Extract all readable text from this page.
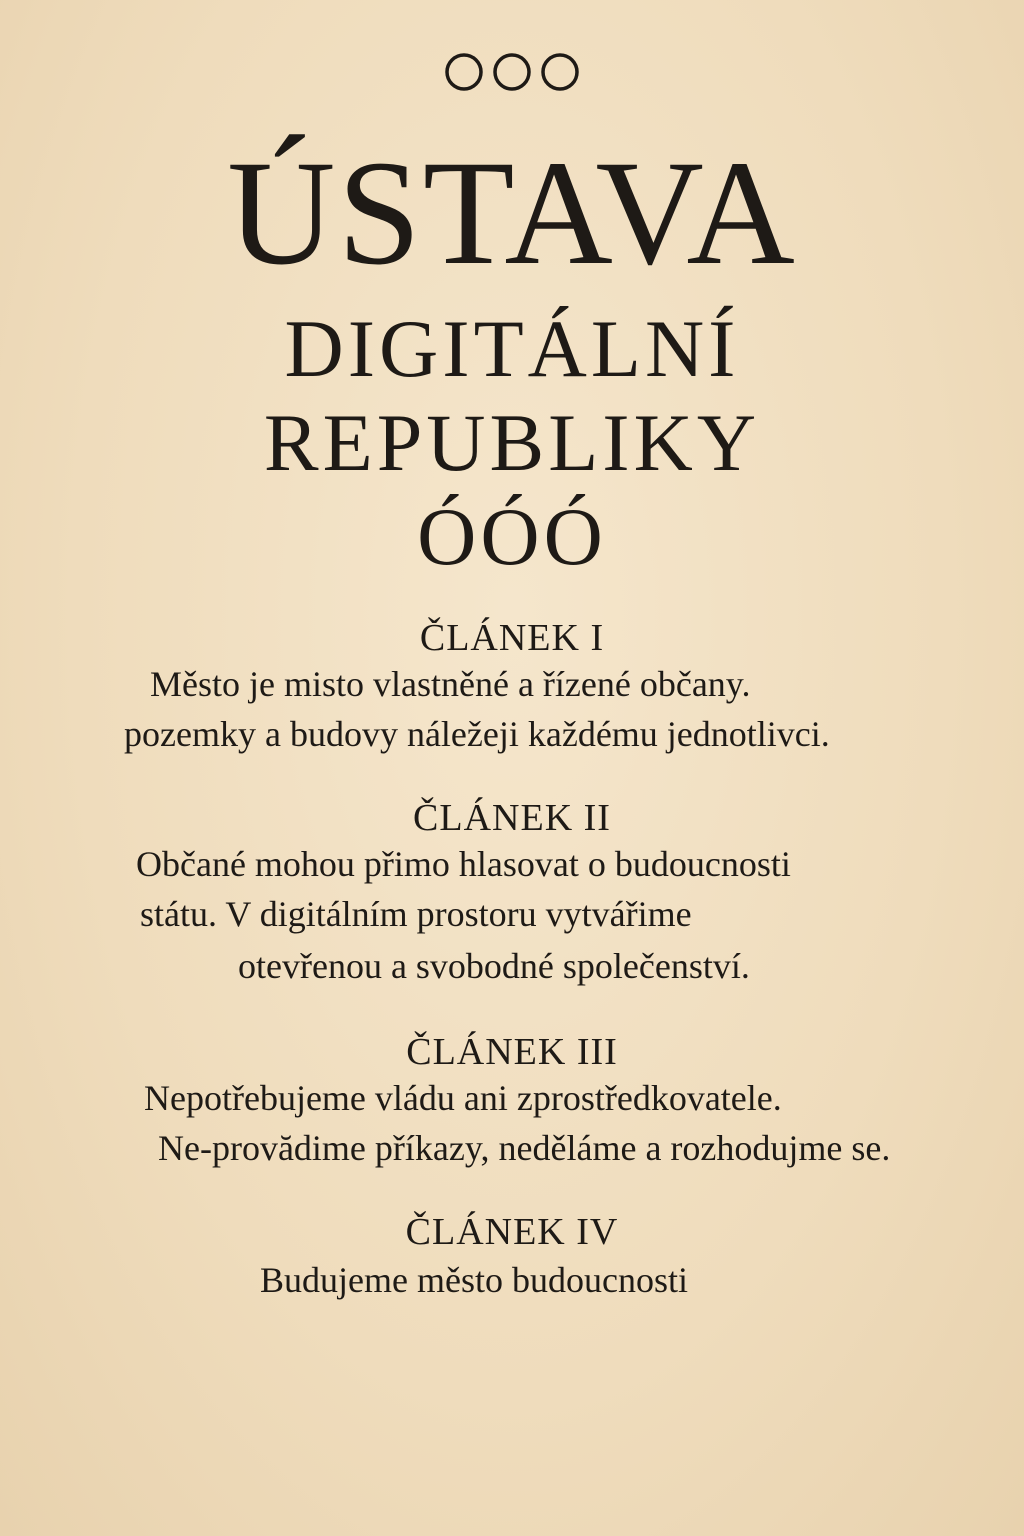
ÚSTAVA
DIGITÁLNÍ
REPUBLIKY
ÓÓÓ
ČLÁNEK I
Město je misto vlastněné a řízené občany.
pozemky a budovy náležeji každému jednotlivci.
ČLÁNEK II
Občané mohou přimo hlasovat o budoucnosti
státu. V digitálním prostoru vytvářime
otevřenou a svobodné společenství.
ČLÁNEK III
Nepotřebujeme vládu ani zprostředkovatele.
Ne-provădime příkazy, neděláme a rozhodujme se.
ČLÁNEK IV
Budujeme město budoucnosti
